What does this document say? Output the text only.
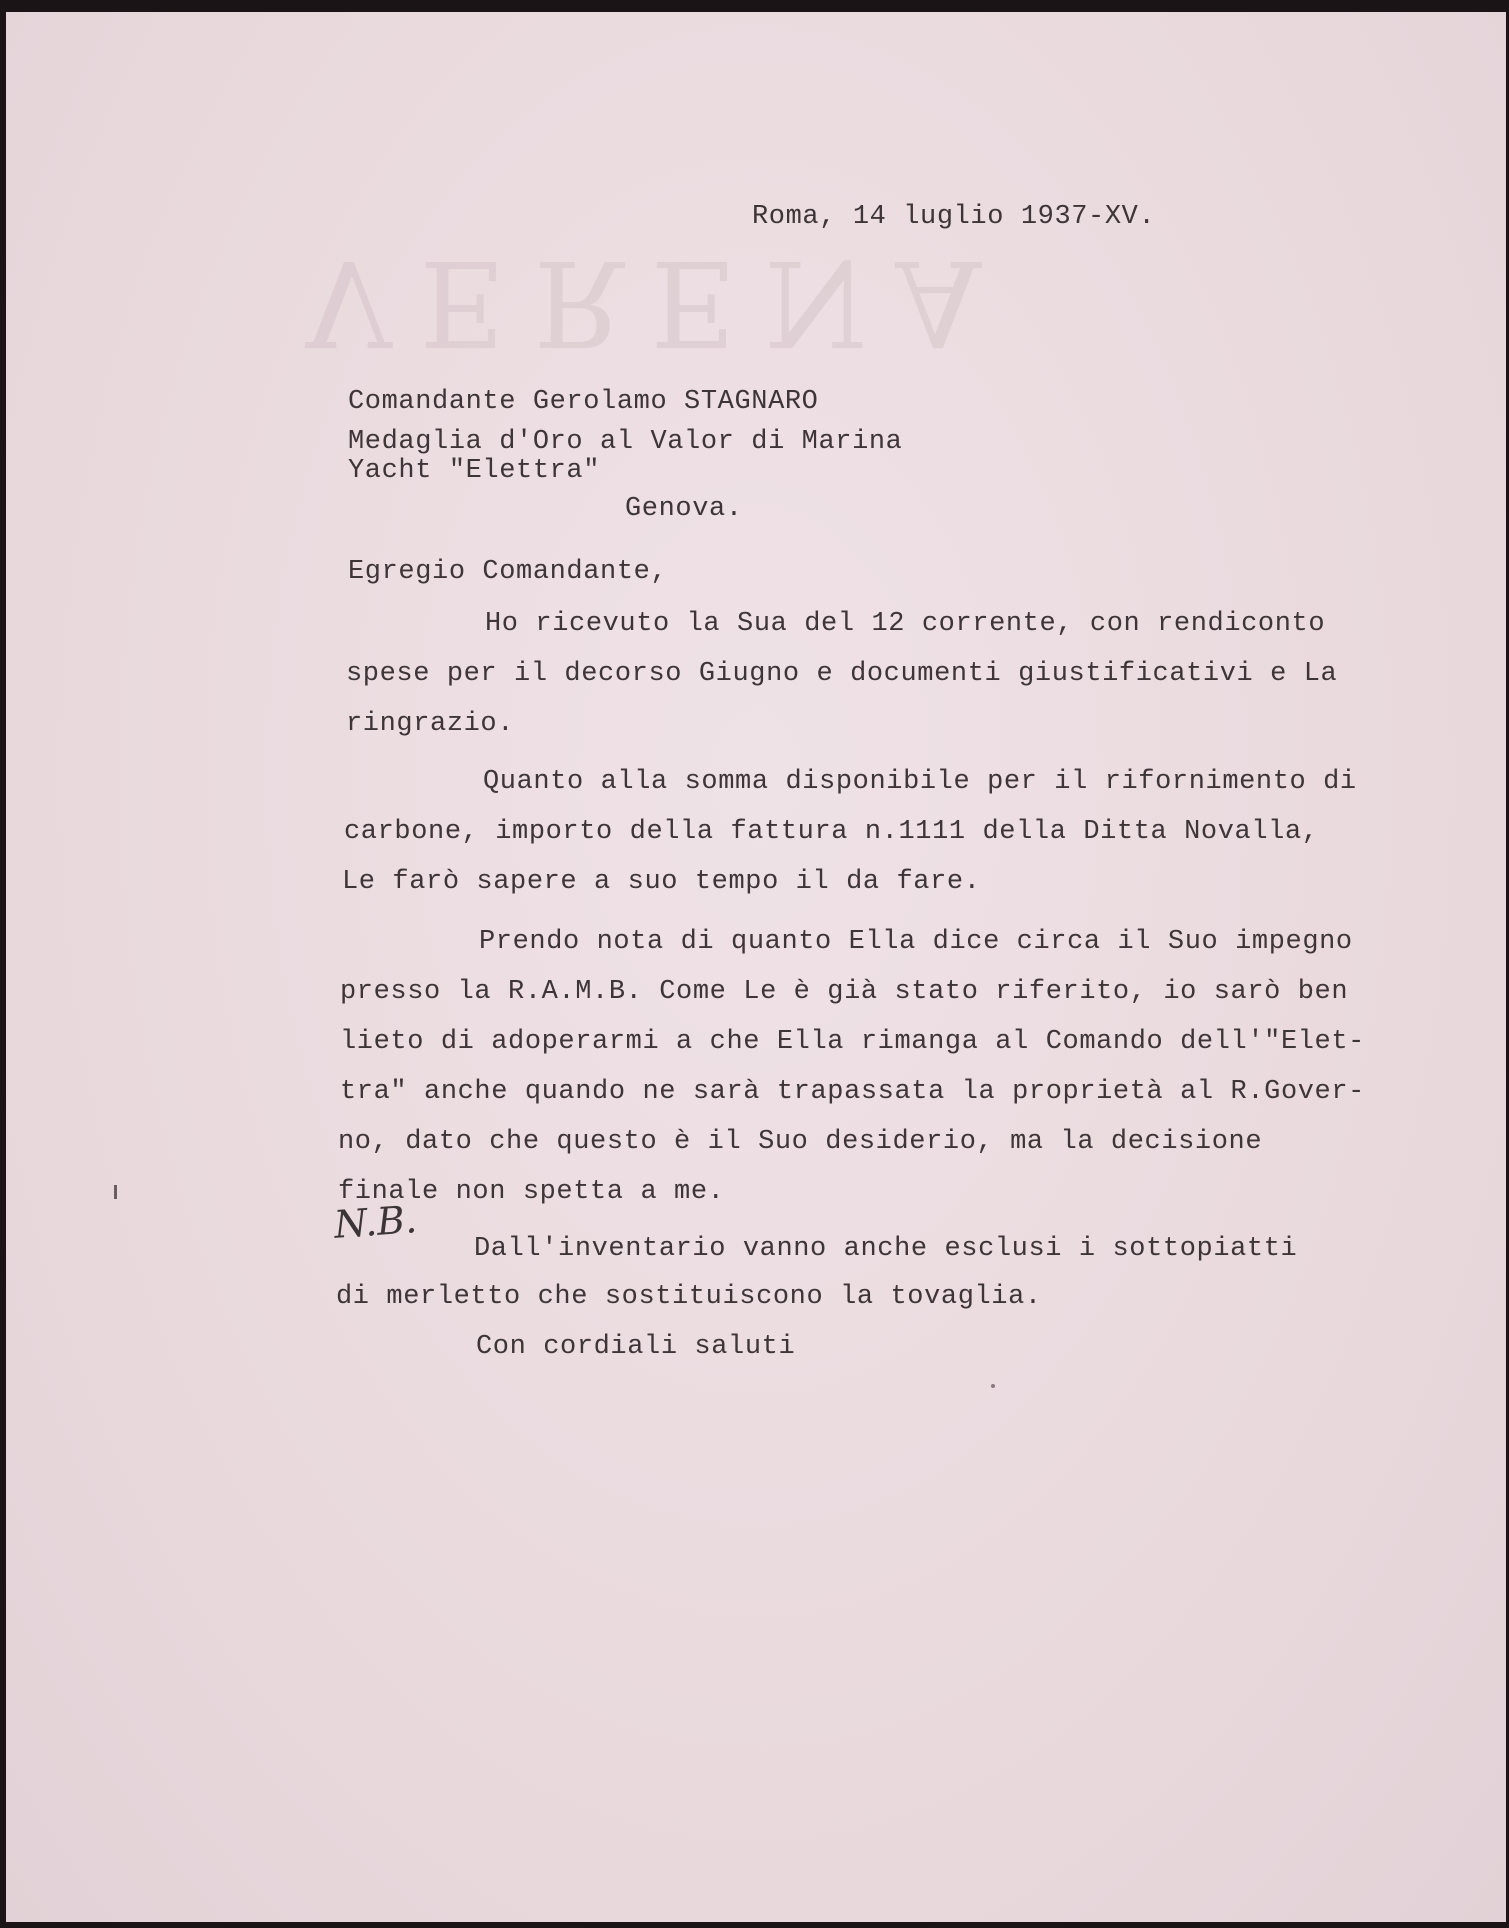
VERENA
Roma, 14 luglio 1937-XV.
Comandante Gerolamo STAGNARO
Medaglia d'Oro al Valor di Marina
Yacht "Elettra"
Genova.
Egregio Comandante,
Ho ricevuto la Sua del 12 corrente, con rendiconto
spese per il decorso Giugno e documenti giustificativi e La
ringrazio.
Quanto alla somma disponibile per il rifornimento di
carbone, importo della fattura n.1111 della Ditta Novalla,
Le farò sapere a suo tempo il da fare.
Prendo nota di quanto Ella dice circa il Suo impegno
presso la R.A.M.B. Come Le è già stato riferito, io sarò ben
lieto di adoperarmi a che Ella rimanga al Comando dell'"Elet-
tra" anche quando ne sarà trapassata la proprietà al R.Gover-
no, dato che questo è il Suo desiderio, ma la decisione
finale non spetta a me.
N.B.
Dall'inventario vanno anche esclusi i sottopiatti
di merletto che sostituiscono la tovaglia.
Con cordiali saluti
